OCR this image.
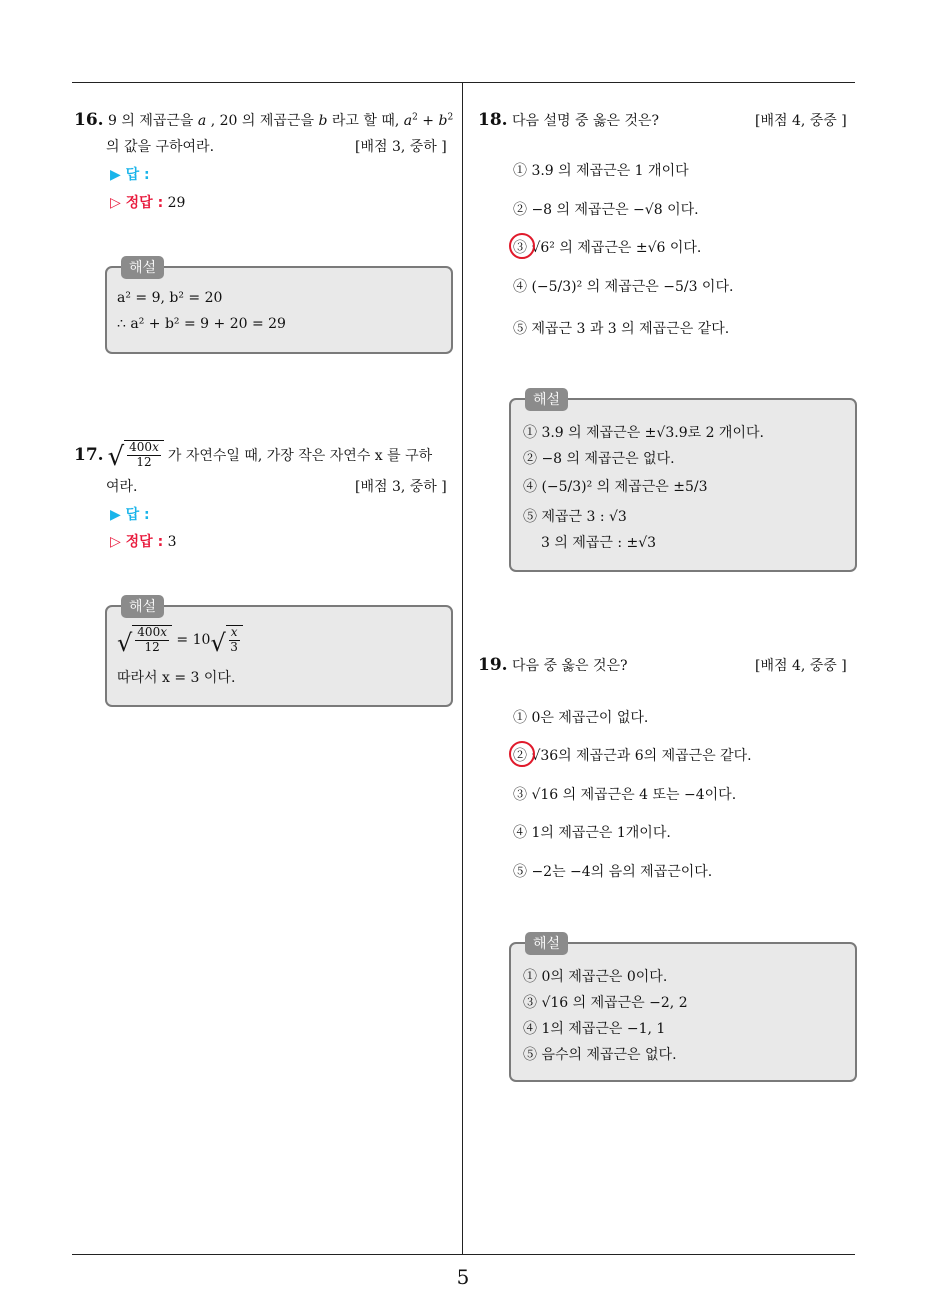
5
16. 9 의 제곱근을 a , 20 의 제곱근을 b 라고 할 때, $a^2 + b^2$
의 값을 구하여라.	[배점 3, 중하 ]
▶ 답 :
▷ 정답 : 29
해설
a² = 9, b² = 20
∴ a² + b² = 9 + 20 = 29
17. √ $\frac{400x}{12}$ 가 자연수일 때, 가장 작은 자연수 x 를 구하
여라.	[배점 3, 중하 ]
▶ 답 :
▷ 정답 : 3
해설
√ $\frac{400x}{12} = 10$ √ $\frac{x}{3}$
따라서 x = 3 이다.
18. 다음 설명 중 옳은 것은?	[배점 4, 중중 ]
① 3.9 의 제곱근은 1 개이다
② −8 의 제곱근은 −√8 이다.
③ √6² 의 제곱근은 ±√6 이다.
④ (−5/3)² 의 제곱근은 −5/3 이다.
⑤ 제곱근 3 과 3 의 제곱근은 같다.
해설
① 3.9 의 제곱근은 ±√3.9로 2 개이다.
② −8 의 제곱근은 없다.
④ (−5/3)² 의 제곱근은 ±5/3
⑤ 제곱근 3 : √3
3 의 제곱근 : ±√3
19. 다음 중 옳은 것은?	[배점 4, 중중 ]
① 0은 제곱근이 없다.
② √36의 제곱근과 6의 제곱근은 같다.
③ √16 의 제곱근은 4 또는 −4이다.
④ 1의 제곱근은 1개이다.
⑤ −2는 −4의 음의 제곱근이다.
해설
① 0의 제곱근은 0이다.
③ √16 의 제곱근은 −2, 2
④ 1의 제곱근은 −1, 1
⑤ 음수의 제곱근은 없다.
